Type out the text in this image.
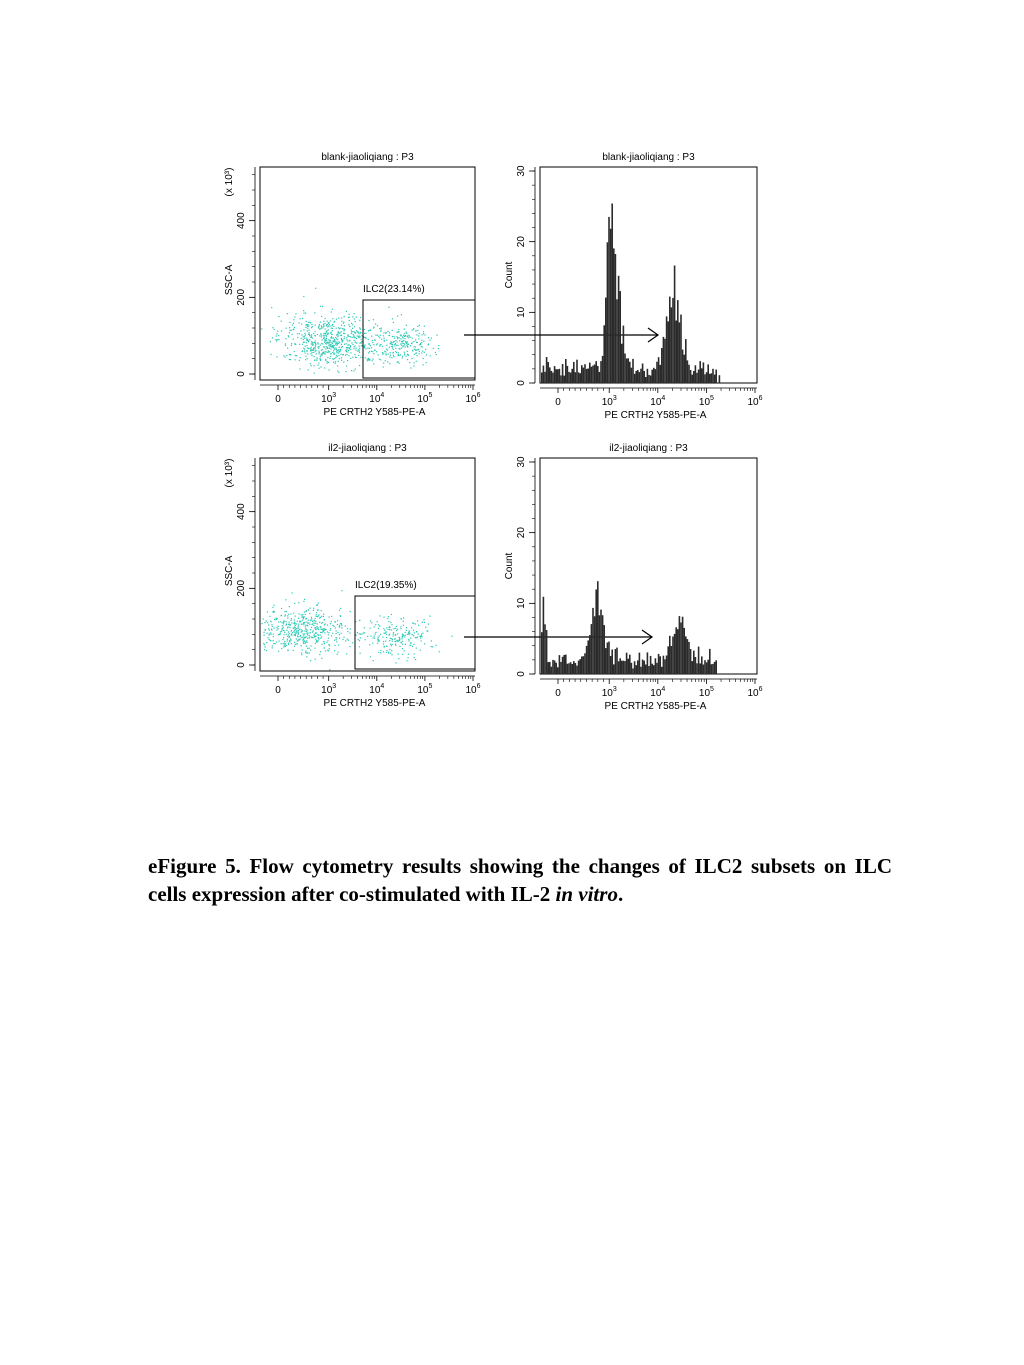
blank-jiaoliqiang : P3
0	$10^3$	$10^4$	$10^5$	$10^6$
PE CRTH2 Y585-PE-A
0
200
400
SSC-A
(x 10³)
ILC2(23.14%)
blank-jiaoliqiang : P3
0	$10^3$	$10^4$	$10^5$	$10^6$
PE CRTH2 Y585-PE-A
0
10
20
30
Count
il2-jiaoliqiang : P3
0	$10^3$	$10^4$	$10^5$	$10^6$
PE CRTH2 Y585-PE-A
0
200
400
SSC-A
(x 10³)
ILC2(19.35%)
il2-jiaoliqiang : P3
0	$10^3$	$10^4$	$10^5$	$10^6$
PE CRTH2 Y585-PE-A
0
10
20
30
Count
eFigure 5. Flow cytometry results showing the changes of ILC2 subsets on ILC cells expression after co-stimulated with IL-2 in vitro.
